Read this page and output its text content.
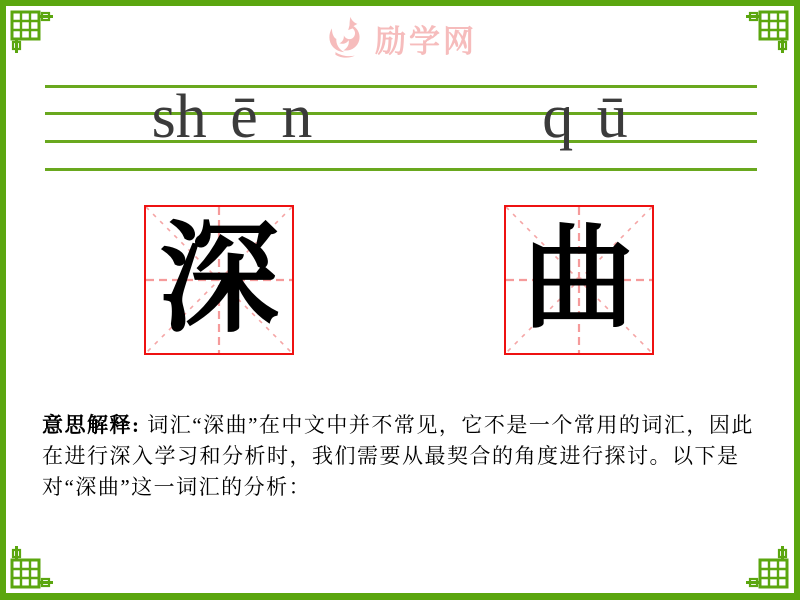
励学网
sh ē n	q ū
深 曲

意思解释: 词汇“深曲”在中文中并不常见，它不是一个常用的词汇，因此在进行深入学习和分析时，我们需要从最契合的角度进行探讨。以下是对“深曲”这一词汇的分析：
